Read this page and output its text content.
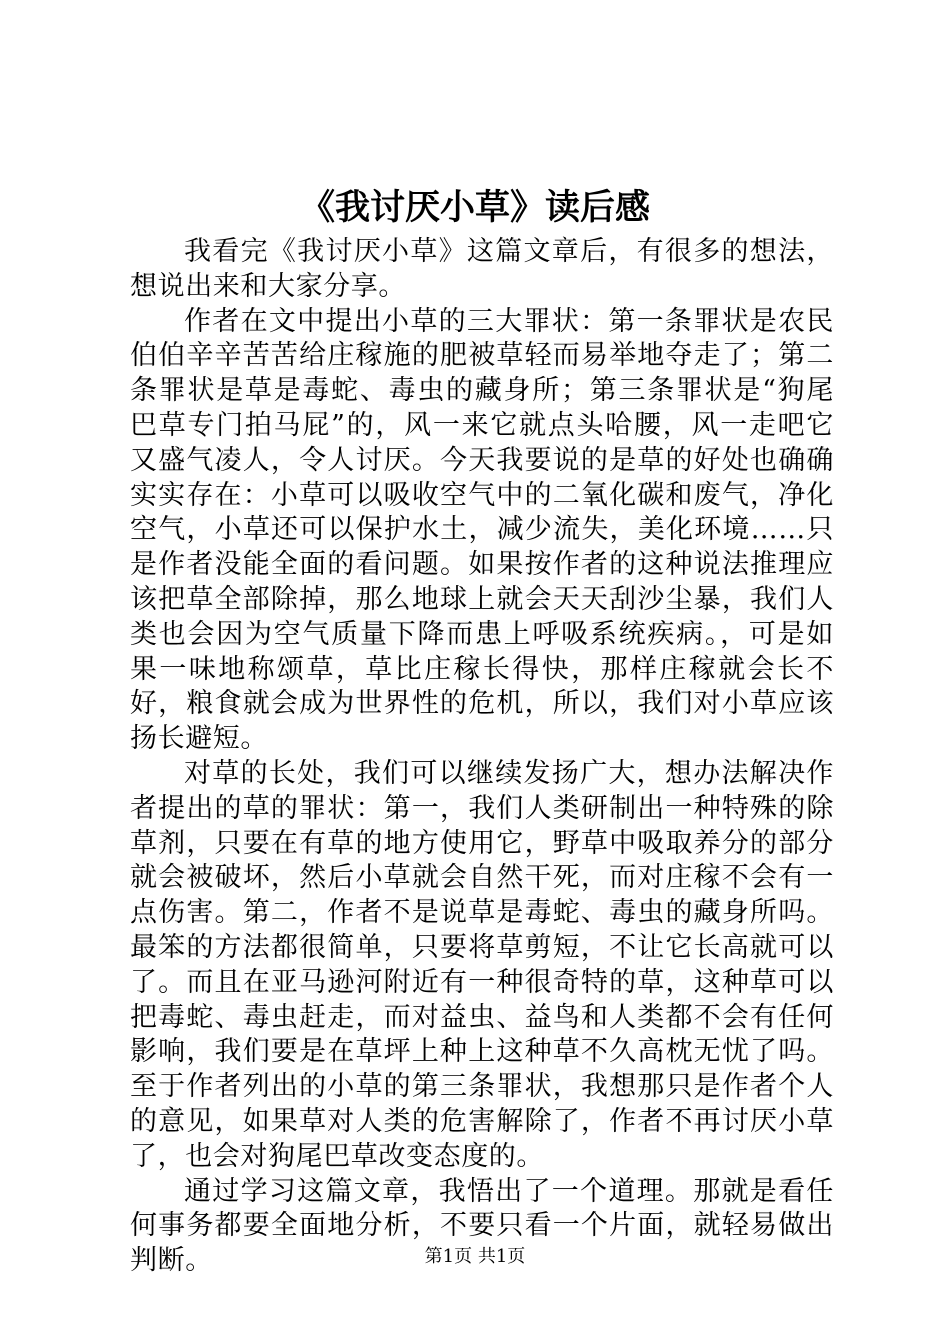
《我讨厌小草》读后感

我看完《我讨厌小草》这篇文章后，有很多的想法，想说出来和大家分享。

作者在文中提出小草的三大罪状：第一条罪状是农民伯伯辛辛苦苦给庄稼施的肥被草轻而易举地夺走了；第二条罪状是草是毒蛇、毒虫的藏身所；第三条罪状是“狗尾巴草专门拍马屁”的，风一来它就点头哈腰，风一走吧它又盛气凌人，令人讨厌。今天我要说的是草的好处也确确实实存在：小草可以吸收空气中的二氧化碳和废气，净化空气，小草还可以保护水土，减少流失，美化环境……只是作者没能全面的看问题。如果按作者的这种说法推理应该把草全部除掉，那么地球上就会天天刮沙尘暴，我们人类也会因为空气质量下降而患上呼吸系统疾病。，可是如果一味地称颂草，草比庄稼长得快，那样庄稼就会长不好，粮食就会成为世界性的危机，所以，我们对小草应该扬长避短。

对草的长处，我们可以继续发扬广大，想办法解决作者提出的草的罪状：第一，我们人类研制出一种特殊的除草剂，只要在有草的地方使用它，野草中吸取养分的部分就会被破坏，然后小草就会自然干死，而对庄稼不会有一点伤害。第二，作者不是说草是毒蛇、毒虫的藏身所吗。最笨的方法都很简单，只要将草剪短，不让它长高就可以了。而且在亚马逊河附近有一种很奇特的草，这种草可以把毒蛇、毒虫赶走，而对益虫、益鸟和人类都不会有任何影响，我们要是在草坪上种上这种草不久高枕无忧了吗。至于作者列出的小草的第三条罪状，我想那只是作者个人的意见，如果草对人类的危害解除了，作者不再讨厌小草了，也会对狗尾巴草改变态度的。

通过学习这篇文章，我悟出了一个道理。那就是看任何事务都要全面地分析，不要只看一个片面，就轻易做出判断。	第1页 共1页
